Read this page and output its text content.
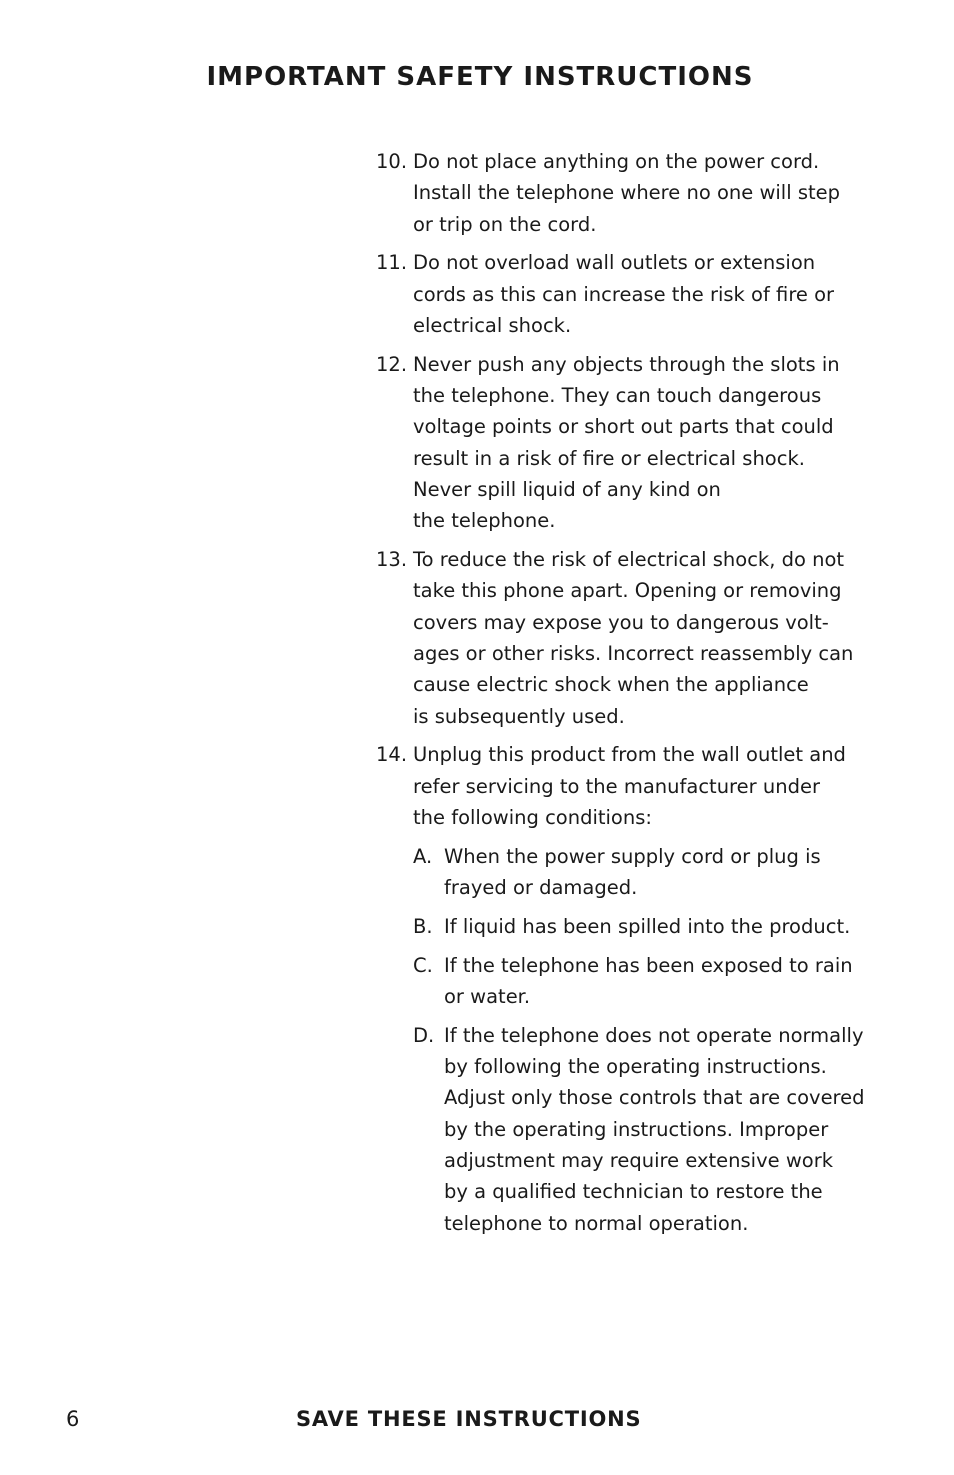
IMPORTANT SAFETY INSTRUCTIONS
10. Do not place anything on the power cord.
Install the telephone where no one will step
or trip on the cord.
11. Do not overload wall outlets or extension
cords as this can increase the risk of fire or
electrical shock.
12. Never push any objects through the slots in
the telephone. They can touch dangerous
voltage points or short out parts that could
result in a risk of fire or electrical shock.
Never spill liquid of any kind on
the telephone.
13. To reduce the risk of electrical shock, do not
take this phone apart. Opening or removing
covers may expose you to dangerous volt-
ages or other risks. Incorrect reassembly can
cause electric shock when the appliance
is subsequently used.
14. Unplug this product from the wall outlet and
refer servicing to the manufacturer under
the following conditions:
A. When the power supply cord or plug is
frayed or damaged.
B. If liquid has been spilled into the product.
C. If the telephone has been exposed to rain
or water.
D. If the telephone does not operate normally
by following the operating instructions.
Adjust only those controls that are covered
by the operating instructions. Improper
adjustment may require extensive work
by a qualified technician to restore the
telephone to normal operation.
6	SAVE THESE INSTRUCTIONS
